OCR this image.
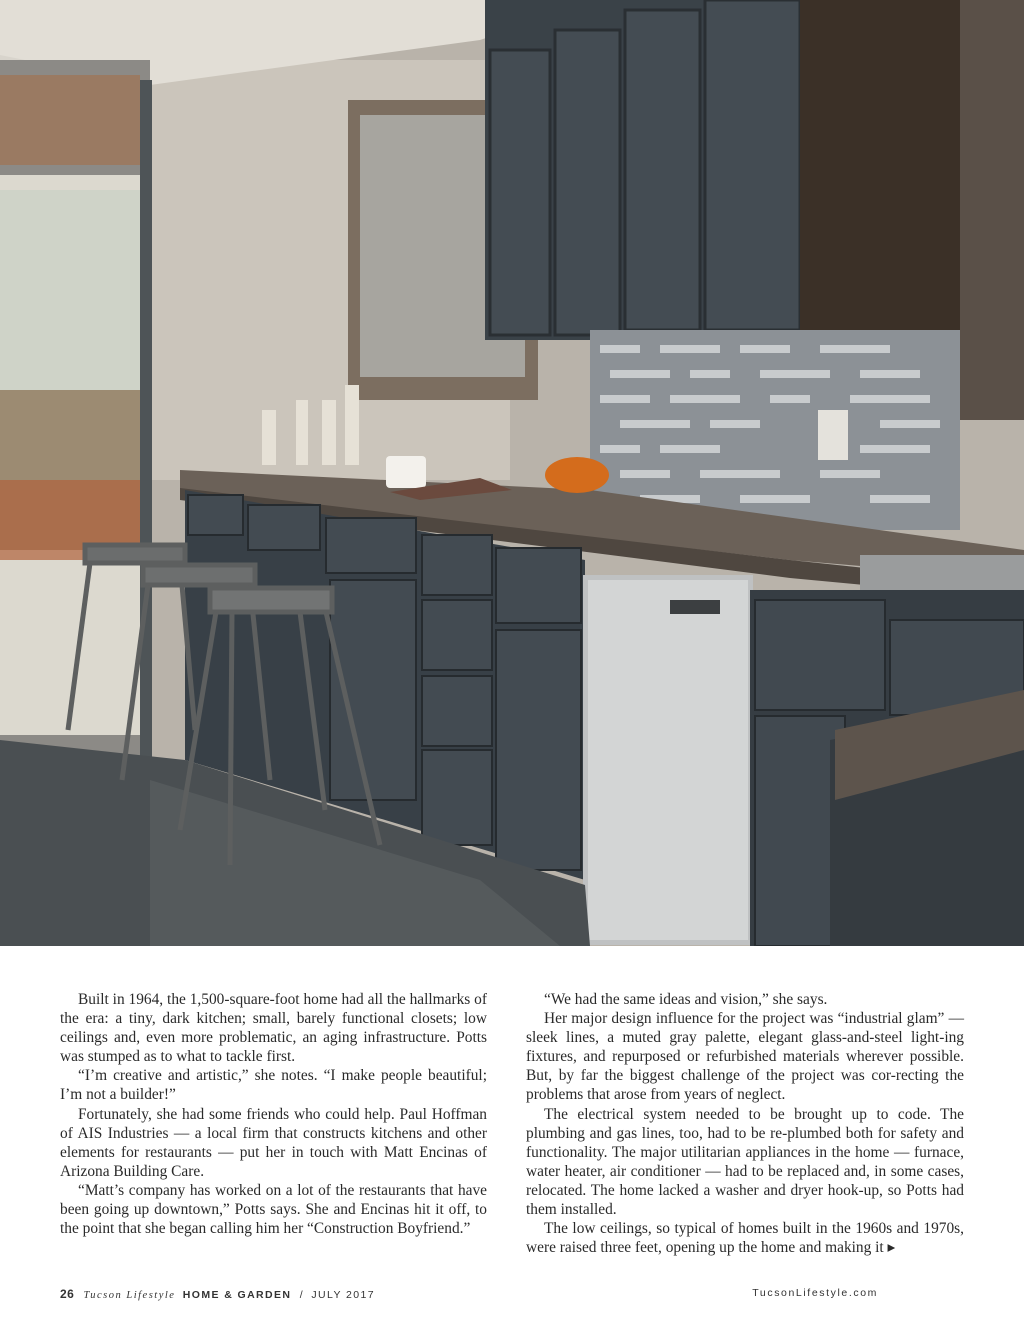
Built in 1964, the 1,500-square-foot home had all the hallmarks of the era: a tiny, dark kitchen; small, barely functional closets; low ceilings and, even more problematic, an aging infrastructure. Potts was stumped as to what to tackle first.

“I’m creative and artistic,” she notes. “I make people beautiful; I’m not a builder!”

Fortunately, she had some friends who could help. Paul Hoffman of AIS Industries — a local firm that constructs kitchens and other elements for restaurants — put her in touch with Matt Encinas of Arizona Building Care.

“Matt’s company has worked on a lot of the restaurants that have been going up downtown,” Potts says. She and Encinas hit it off, to the point that she began calling him her “Construction Boyfriend.”

“We had the same ideas and vision,” she says.

Her major design influence for the project was “industrial glam” — sleek lines, a muted gray palette, elegant glass-and-steel light-ing fixtures, and repurposed or refurbished materials wherever possible. But, by far the biggest challenge of the project was cor-recting the problems that arose from years of neglect.

The electrical system needed to be brought up to code. The plumbing and gas lines, too, had to be re-plumbed both for safety and functionality. The major utilitarian appliances in the home — furnace, water heater, air conditioner — had to be replaced and, in some cases, relocated. The home lacked a washer and dryer hook-up, so Potts had them installed.

The low ceilings, so typical of homes built in the 1960s and 1970s, were raised three feet, opening up the home and making it ▸

26 Tucson Lifestyle HOME & GARDEN / JULY 2017	TucsonLifestyle.com
